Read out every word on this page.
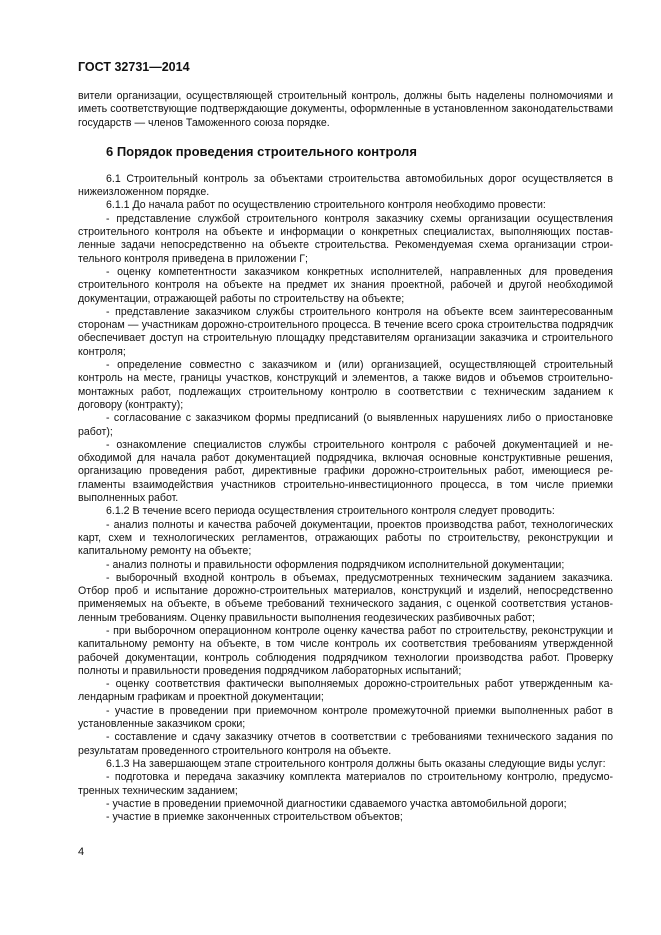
ГОСТ 32731—2014

вители организации, осуществляющей строительный контроль, должны быть наделены полномочиями и иметь соответствующие подтверждающие документы, оформленные в установленном законодательствами государств — членов Таможенного союза порядке.

6 Порядок проведения строительного контроля

6.1 Строительный контроль за объектами строительства автомобильных дорог осуществляется в нижеизложенном порядке.

6.1.1 До начала работ по осуществлению строительного контроля необходимо провести:

- представление службой строительного контроля заказчику схемы организации осуществления строительного контроля на объекте и информации о конкретных специалистах, выполняющих поставленные задачи непосредственно на объекте строительства. Рекомендуемая схема организации строительного контроля приведена в приложении Г;

- оценку компетентности заказчиком конкретных исполнителей, направленных для проведения строительного контроля на объекте на предмет их знания проектной, рабочей и другой необходимой документации, отражающей работы по строительству на объекте;

- представление заказчиком службы строительного контроля на объекте всем заинтересованным сторонам — участникам дорожно-строительного процесса. В течение всего срока строительства подрядчик обеспечивает доступ на строительную площадку представителям организации заказчика и строительного контроля;

- определение совместно с заказчиком и (или) организацией, осуществляющей строительный контроль на месте, границы участков, конструкций и элементов, а также видов и объемов строительно-монтажных работ, подлежащих строительному контролю в соответствии с техническим заданием к договору (контракту);

- согласование с заказчиком формы предписаний (о выявленных нарушениях либо о приостановке работ);

- ознакомление специалистов службы строительного контроля с рабочей документацией и необходимой для начала работ документацией подрядчика, включая основные конструктивные решения, организацию проведения работ, директивные графики дорожно-строительных работ, имеющиеся регламенты взаимодействия участников строительно-инвестиционного процесса, в том числе приемки выполненных работ.

6.1.2 В течение всего периода осуществления строительного контроля следует проводить:

- анализ полноты и качества рабочей документации, проектов производства работ, технологических карт, схем и технологических регламентов, отражающих работы по строительству, реконструкции и капитальному ремонту на объекте;

- анализ полноты и правильности оформления подрядчиком исполнительной документации;

- выборочный входной контроль в объемах, предусмотренных техническим заданием заказчика. Отбор проб и испытание дорожно-строительных материалов, конструкций и изделий, непосредственно применяемых на объекте, в объеме требований технического задания, с оценкой соответствия установленным требованиям. Оценку правильности выполнения геодезических разбивочных работ;

- при выборочном операционном контроле оценку качества работ по строительству, реконструкции и капитальному ремонту на объекте, в том числе контроль их соответствия требованиям утвержденной рабочей документации, контроль соблюдения подрядчиком технологии производства работ. Проверку полноты и правильности проведения подрядчиком лабораторных испытаний;

- оценку соответствия фактически выполняемых дорожно-строительных работ утвержденным календарным графикам и проектной документации;

- участие в проведении при приемочном контроле промежуточной приемки выполненных работ в установленные заказчиком сроки;

- составление и сдачу заказчику отчетов в соответствии с требованиями технического задания по результатам проведенного строительного контроля на объекте.

6.1.3 На завершающем этапе строительного контроля должны быть оказаны следующие виды услуг:

- подготовка и передача заказчику комплекта материалов по строительному контролю, предусмотренных техническим заданием;

- участие в проведении приемочной диагностики сдаваемого участка автомобильной дороги;

- участие в приемке законченных строительством объектов;

4
